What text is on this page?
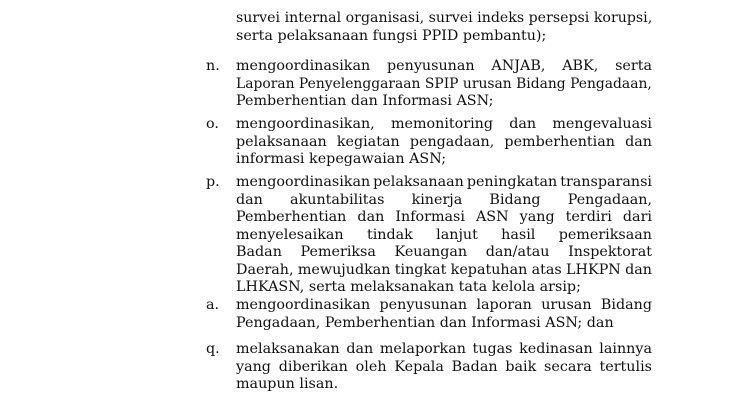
survei internal organisasi, survei indeks persepsi korupsi,
serta pelaksanaan fungsi PPID pembantu);
n.	mengoordinasikan penyusunan ANJAB, ABK, serta
Laporan Penyelenggaraan SPIP urusan Bidang Pengadaan,
Pemberhentian dan Informasi ASN;
o.	mengoordinasikan, memonitoring dan mengevaluasi
pelaksanaan kegiatan pengadaan, pemberhentian dan
informasi kepegawaian ASN;
p.	mengoordinasikan pelaksanaan peningkatan transparansi
dan akuntabilitas kinerja Bidang Pengadaan,
Pemberhentian dan Informasi ASN yang terdiri dari
menyelesaikan tindak lanjut hasil pemeriksaan
Badan Pemeriksa Keuangan dan/atau Inspektorat
Daerah, mewujudkan tingkat kepatuhan atas LHKPN dan
LHKASN, serta melaksanakan tata kelola arsip;
a.	mengoordinasikan penyusunan laporan urusan Bidang
Pengadaan, Pemberhentian dan Informasi ASN; dan
q.	melaksanakan dan melaporkan tugas kedinasan lainnya
yang diberikan oleh Kepala Badan baik secara tertulis
maupun lisan.
